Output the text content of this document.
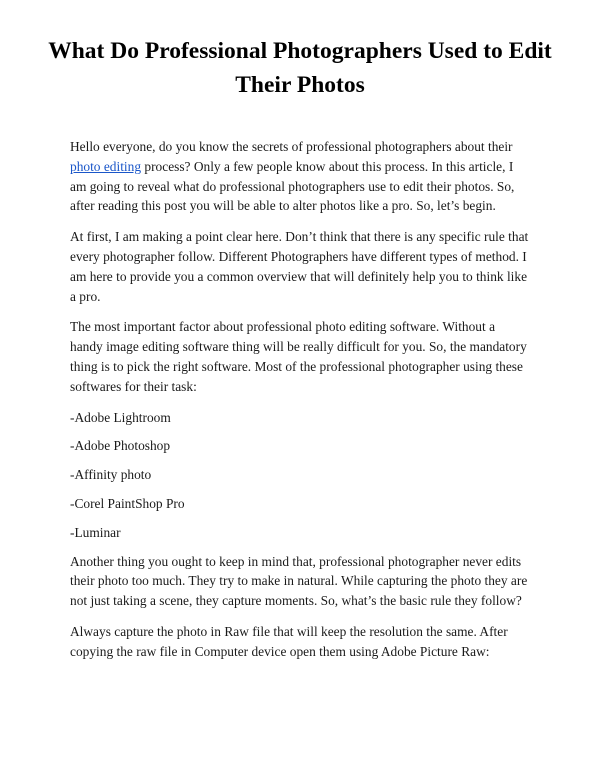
What Do Professional Photographers Used to Edit Their Photos

Hello everyone, do you know the secrets of professional photographers about their photo editing process? Only a few people know about this process. In this article, I am going to reveal what do professional photographers use to edit their photos. So, after reading this post you will be able to alter photos like a pro. So, let’s begin.

At first, I am making a point clear here. Don’t think that there is any specific rule that every photographer follow. Different Photographers have different types of method. I am here to provide you a common overview that will definitely help you to think like a pro.

The most important factor about professional photo editing software. Without a handy image editing software thing will be really difficult for you. So, the mandatory thing is to pick the right software. Most of the professional photographer using these softwares for their task:

-Adobe Lightroom

-Adobe Photoshop

-Affinity photo

-Corel PaintShop Pro

-Luminar

Another thing you ought to keep in mind that, professional photographer never edits their photo too much. They try to make in natural. While capturing the photo they are not just taking a scene, they capture moments. So, what’s the basic rule they follow?

Always capture the photo in Raw file that will keep the resolution the same. After copying the raw file in Computer device open them using Adobe Picture Raw:
